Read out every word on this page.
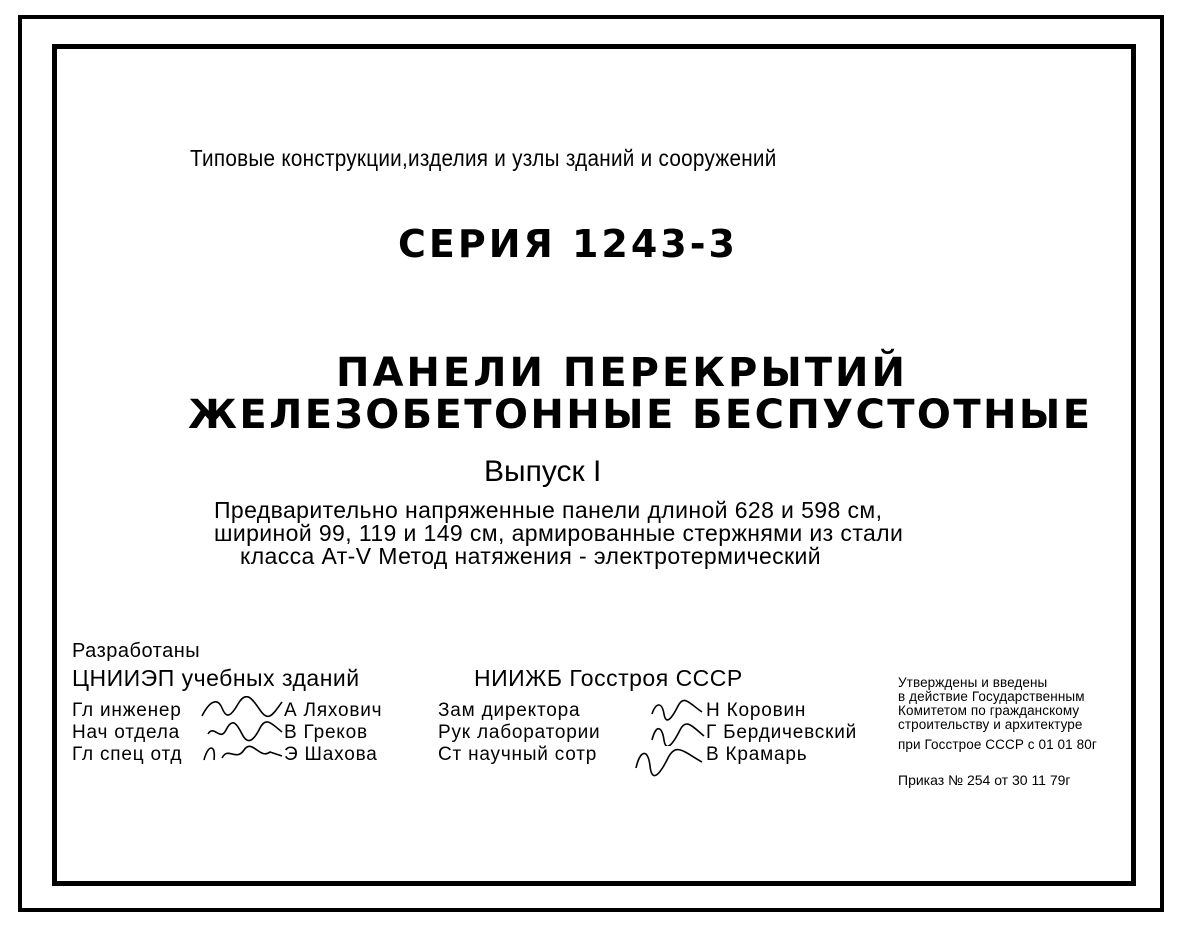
Типовые конструкции,изделия и узлы зданий и сооружений
СЕРИЯ 1243-3
ПАНЕЛИ ПЕРЕКРЫТИЙ
ЖЕЛЕЗОБЕТОННЫЕ БЕСПУСТОТНЫЕ
Выпуск I
Предварительно напряженные панели длиной 628 и 598 см,
шириной 99, 119 и 149 см, армированные стержнями из стали
класса Ат-V Метод натяжения - электротермический
Разработаны
ЦНИИЭП учебных зданий
Гл инженер	А Ляхович
Нач отдела	В Греков
Гл спец отд	Э Шахова
НИИЖБ Госстроя СССР
Зам директора	Н Коровин
Рук лаборатории	Г Бердичевский
Ст научный сотр	В Крамарь
Утверждены и введены
в действие Государственным
Комитетом по гражданскому
строительству и архитектуре
при Госстрое СССР с 01 01 80г
Приказ № 254 от 30 11 79г
